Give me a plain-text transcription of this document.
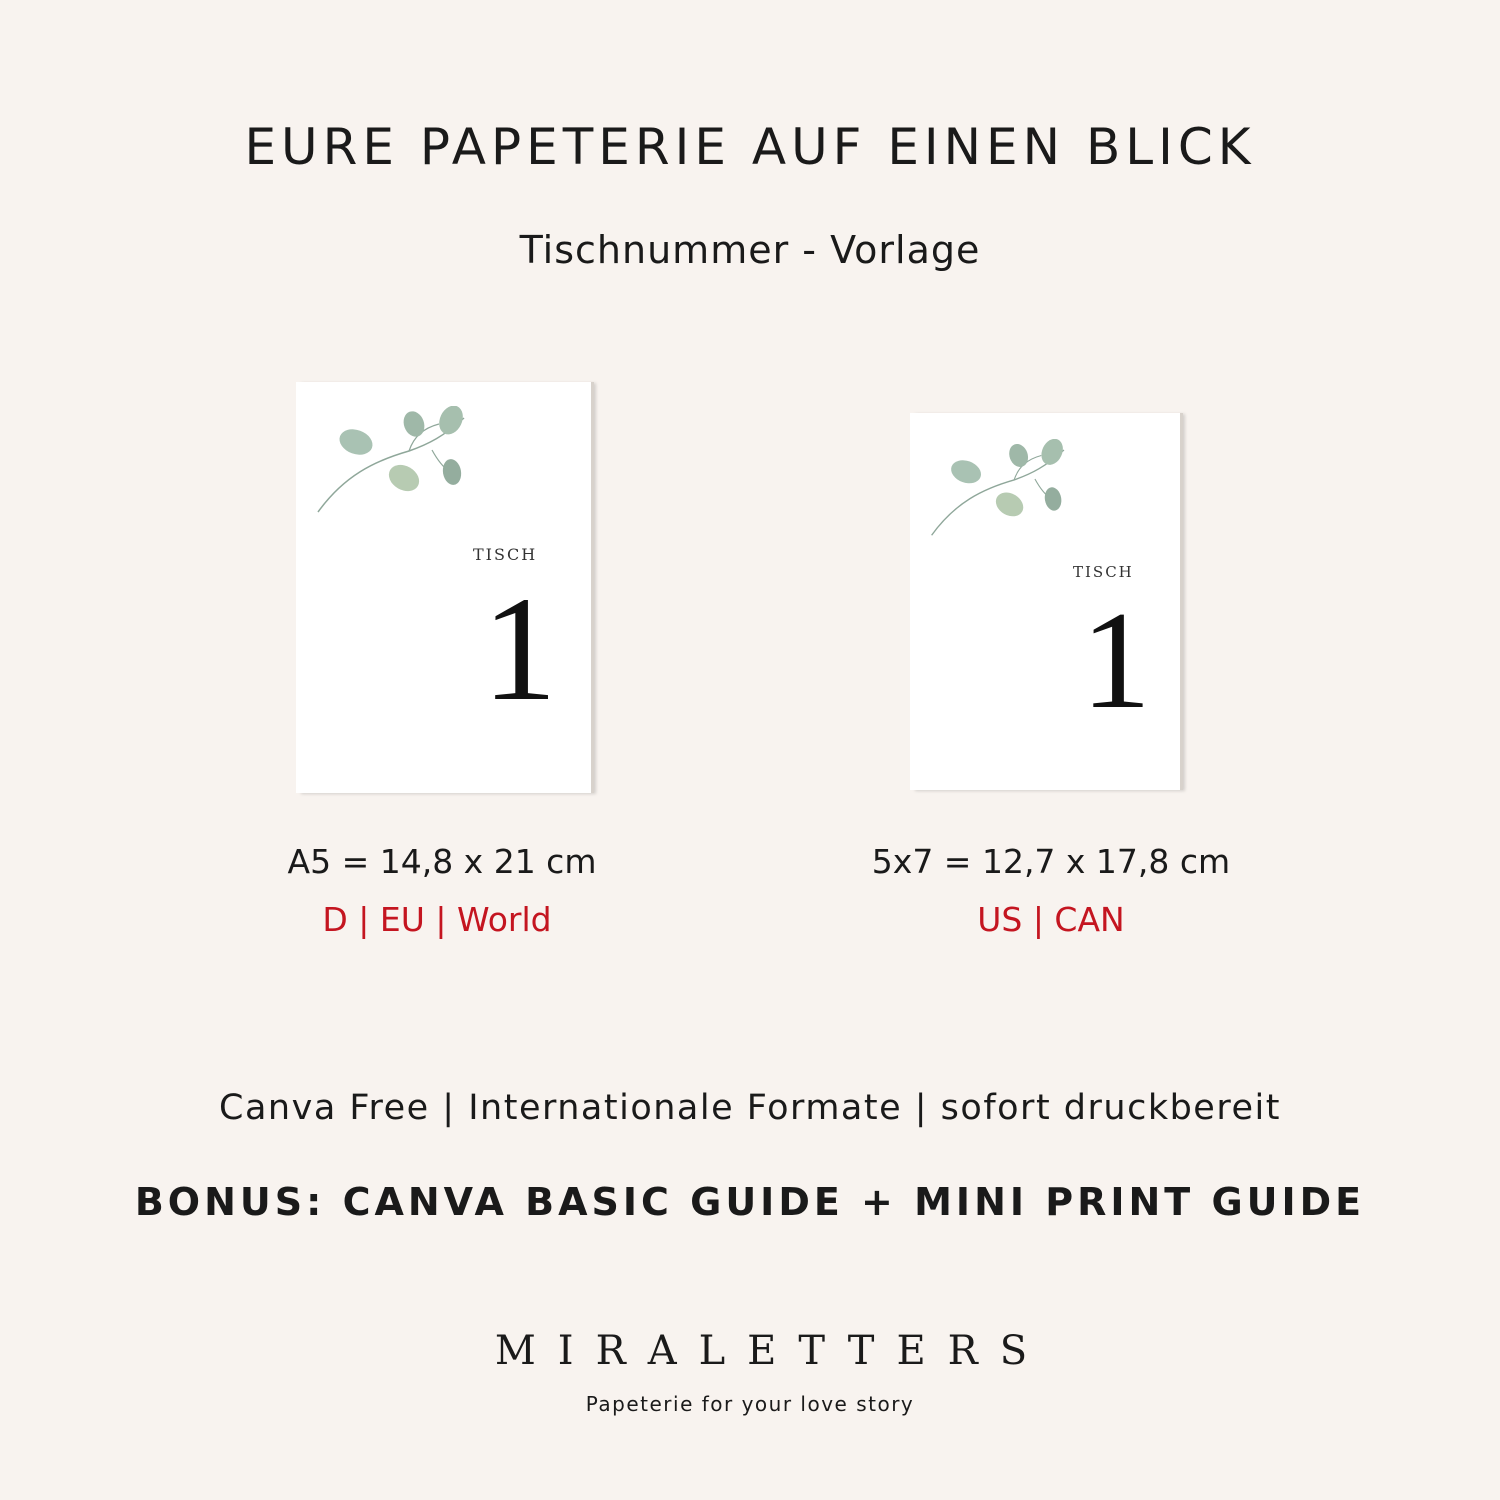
EURE PAPETERIE AUF EINEN BLICK
Tischnummer - Vorlage
TISCH
1	TISCH
1
A5 = 14,8 x 21 cm
D | EU | World
5x7 = 12,7 x 17,8 cm
US | CAN
Canva Free | Internationale Formate | sofort druckbereit
BONUS: CANVA BASIC GUIDE + MINI PRINT GUIDE
MIRALETTERS
Papeterie for your love story
